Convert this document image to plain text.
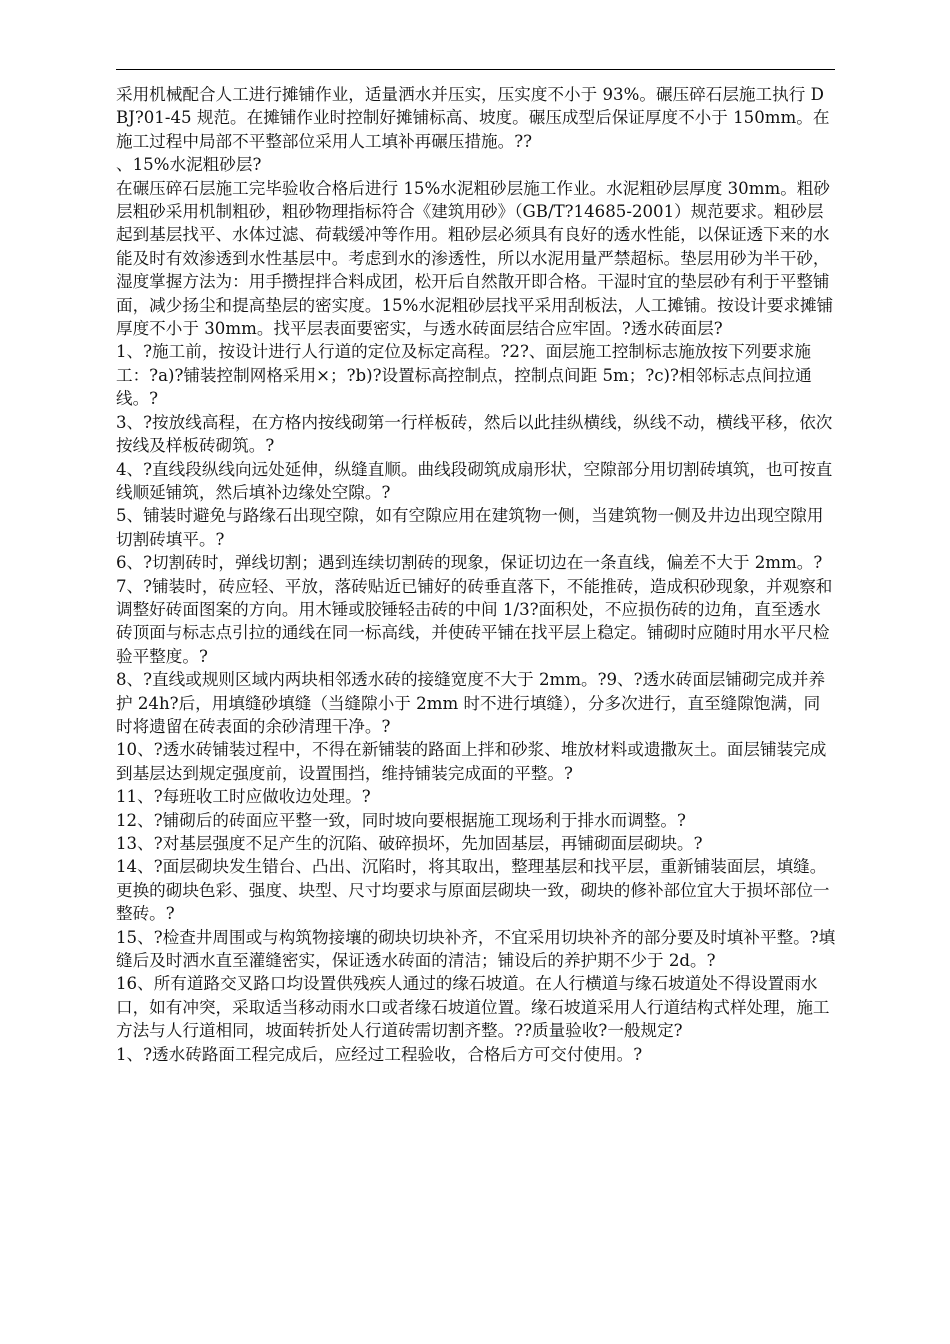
采用机械配合人工进行摊铺作业，适量洒水并压实，压实度不小于 93%。碾压碎石层施工执行 DBJ?01-45 规范。在摊铺作业时控制好摊铺标高、坡度。碾压成型后保证厚度不小于 150mm。在施工过程中局部不平整部位采用人工填补再碾压措施。??

、15%水泥粗砂层?

在碾压碎石层施工完毕验收合格后进行 15%水泥粗砂层施工作业。水泥粗砂层厚度 30mm。粗砂层粗砂采用机制粗砂，粗砂物理指标符合《建筑用砂》（GB/T?14685-2001）规范要求。粗砂层起到基层找平、水体过滤、荷载缓冲等作用。粗砂层必须具有良好的透水性能，以保证透下来的水能及时有效渗透到水性基层中。考虑到水的渗透性，所以水泥用量严禁超标。垫层用砂为半干砂，湿度掌握方法为：用手攒捏拌合料成团，松开后自然散开即合格。干湿时宜的垫层砂有利于平整铺面，减少扬尘和提高垫层的密实度。15%水泥粗砂层找平采用刮板法，人工摊铺。按设计要求摊铺厚度不小于 30mm。找平层表面要密实，与透水砖面层结合应牢固。?透水砖面层?

1、?施工前，按设计进行人行道的定位及标定高程。?2?、面层施工控制标志施放按下列要求施工：?a)?铺装控制网格采用×；?b)?设置标高控制点，控制点间距 5m；?c)?相邻标志点间拉通线。?

3、?按放线高程，在方格内按线砌第一行样板砖，然后以此挂纵横线，纵线不动，横线平移，依次按线及样板砖砌筑。?

4、?直线段纵线向远处延伸，纵缝直顺。曲线段砌筑成扇形状，空隙部分用切割砖填筑，也可按直线顺延铺筑，然后填补边缘处空隙。?

5、铺装时避免与路缘石出现空隙，如有空隙应用在建筑物一侧，当建筑物一侧及井边出现空隙用切割砖填平。?

6、?切割砖时，弹线切割；遇到连续切割砖的现象，保证切边在一条直线，偏差不大于 2mm。?

7、?铺装时，砖应轻、平放，落砖贴近已铺好的砖垂直落下，不能推砖，造成积砂现象，并观察和调整好砖面图案的方向。用木锤或胶锤轻击砖的中间 1/3?面积处，不应损伤砖的边角，直至透水砖顶面与标志点引拉的通线在同一标高线，并使砖平铺在找平层上稳定。铺砌时应随时用水平尺检验平整度。?

8、?直线或规则区域内两块相邻透水砖的接缝宽度不大于 2mm。?9、?透水砖面层铺砌完成并养护 24h?后，用填缝砂填缝（当缝隙小于 2mm 时不进行填缝），分多次进行，直至缝隙饱满，同时将遗留在砖表面的余砂清理干净。?

10、?透水砖铺装过程中，不得在新铺装的路面上拌和砂浆、堆放材料或遗撒灰土。面层铺装完成到基层达到规定强度前，设置围挡，维持铺装完成面的平整。?

11、?每班收工时应做收边处理。?

12、?铺砌后的砖面应平整一致，同时坡向要根据施工现场利于排水而调整。?

13、?对基层强度不足产生的沉陷、破碎损坏，先加固基层，再铺砌面层砌块。?

14、?面层砌块发生错台、凸出、沉陷时，将其取出，整理基层和找平层，重新铺装面层，填缝。更换的砌块色彩、强度、块型、尺寸均要求与原面层砌块一致，砌块的修补部位宜大于损坏部位一整砖。?

15、?检查井周围或与构筑物接壤的砌块切块补齐，不宜采用切块补齐的部分要及时填补平整。?填缝后及时洒水直至灌缝密实，保证透水砖面的清洁；铺设后的养护期不少于 2d。?

16、所有道路交叉路口均设置供残疾人通过的缘石坡道。在人行横道与缘石坡道处不得设置雨水口，如有冲突，采取适当移动雨水口或者缘石坡道位置。缘石坡道采用人行道结构式样处理，施工方法与人行道相同，坡面转折处人行道砖需切割齐整。??质量验收?一般规定?

1、?透水砖路面工程完成后，应经过工程验收，合格后方可交付使用。?
